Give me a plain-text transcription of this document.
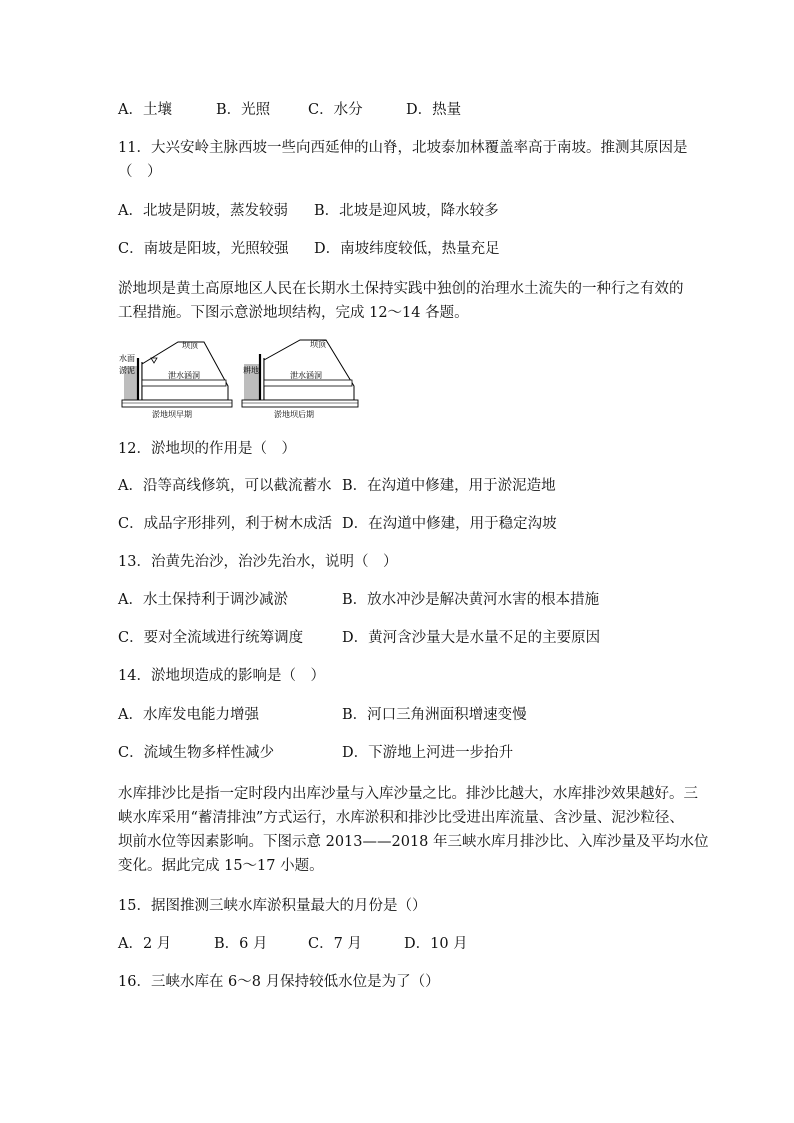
A．土壤	B．光照	C．水分	D．热量

11．大兴安岭主脉西坡一些向西延伸的山脊，北坡泰加林覆盖率高于南坡。推测其原因是

（　）

A．北坡是阴坡，蒸发较弱 B．北坡是迎风坡，降水较多
C．南坡是阳坡，光照较强 D．南坡纬度较低，热量充足

淤地坝是黄土高原地区人民在长期水土保持实践中独创的治理水土流失的一种行之有效的

工程措施。下图示意淤地坝结构，完成 12～14 各题。

水面
淤泥
坝顶
泄水涵洞
淤地坝早期
耕地
坝顶
泄水涵洞
淤地坝后期

12．淤地坝的作用是（　）

A．沿等高线修筑，可以截流蓄水 B．在沟道中修建，用于淤泥造地
C．成品字形排列，利于树木成活 D．在沟道中修建，用于稳定沟坡

13．治黄先治沙，治沙先治水，说明（　）

A．水土保持利于调沙减淤	B．放水冲沙是解决黄河水害的根本措施
C．要对全流域进行统筹调度	D．黄河含沙量大是水量不足的主要原因

14．淤地坝造成的影响是（　）

A．水库发电能力增强	B．河口三角洲面积增速变慢
C．流域生物多样性减少	D．下游地上河进一步抬升

水库排沙比是指一定时段内出库沙量与入库沙量之比。排沙比越大，水库排沙效果越好。三

峡水库采用“蓄清排浊”方式运行，水库淤积和排沙比受进出库流量、含沙量、泥沙粒径、

坝前水位等因素影响。下图示意 2013——2018 年三峡水库月排沙比、入库沙量及平均水位

变化。据此完成 15～17 小题。

15．据图推测三峡水库淤积量最大的月份是（）

A．2 月	B．6 月	C．7 月	D．10 月

16．三峡水库在 6～8 月保持较低水位是为了（）
